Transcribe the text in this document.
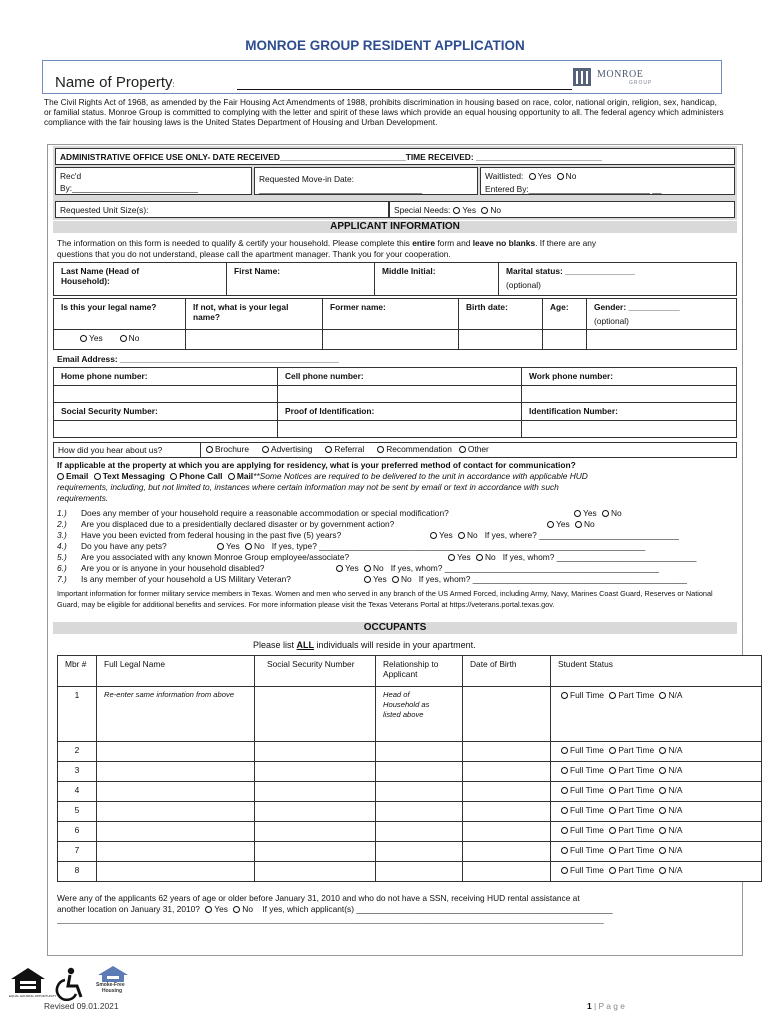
MONROE GROUP RESIDENT APPLICATION
Name of Property:
MONROE
GROUP
The Civil Rights Act of 1968, as amended by the Fair Housing Act Amendments of 1988, prohibits discrimination in housing based on race, color, national origin, religion, sex, handicap, or familial status. Monroe Group is committed to complying with the letter and spirit of these laws which provide an equal housing opportunity to all. The federal agency which administers compliance with the fair housing laws is the United States Department of Housing and Urban Development.
ADMINISTRATIVE OFFICE USE ONLY- DATE RECEIVED___________________________TIME RECEIVED: ___________________________
Rec'd
By:___________________________
Requested Move-in Date:
___________________________________
Waitlisted: Yes No
Entered By:__________________________ __
Requested Unit Size(s):	Special Needs: Yes No
APPLICANT INFORMATION
The information on this form is needed to qualify & certify your household. Please complete this entire form and leave no blanks. If there are any
questions that you do not understand, please call the apartment manager. Thank you for your cooperation.
Last Name (Head of
Household):	First Name:	Middle Initial:	Marital status: _______________
(optional)
Is this your legal name?	If not, what is your legal
name?	Former name:	Birth date:	Age:	Gender: ___________
(optional)
Yes No					
Email Address: _______________________________________________
Home phone number:	Cell phone number:	Work phone number:

Social Security Number:	Proof of Identification:	Identification Number:

How did you hear about us?	Brochure	Advertising	Referral	Recommendation Other
If applicable at the property at which you are applying for residency, what is your preferred method of contact for communication?
Email Text Messaging Phone Call Mail**Some Notices are required to be delivered to the unit in accordance with applicable HUD
requirements, including, but not limited to, instances where certain information may not be sent by email or text in accordance with such
requirements.
1.) Does any member of your household require a reasonable accommodation or special modification?	Yes No
2.) Are you displaced due to a presidentially declared disaster or by government action?	Yes No
3.) Have you been evicted from federal housing in the past five (5) years?	Yes No If yes, where? ______________________________
4.) Do you have any pets?	Yes No If yes, type? ______________________________________________________________________
5.) Are you associated with any known Monroe Group employee/associate?	Yes No If yes, whom? ______________________________
6.) Are you or is anyone in your household disabled?	Yes No If yes, whom? ______________________________________________
7.) Is any member of your household a US Military Veteran?	Yes No If yes, whom? ______________________________________________
Important information for former military service members in Texas. Women and men who served in any branch of the US Armed Forced, including Army, Navy, Marines Coast Guard, Reserves or National Guard, may be eligible for additional benefits and services. For more information please visit the Texas Veterans Portal at https://veterans.portal.texas.gov.
OCCUPANTS
Please list ALL individuals will reside in your apartment.
Mbr #	Full Legal Name	Social Security Number	Relationship to Applicant	Date of Birth	Student Status
1	Re-enter same information from above		Head of Household as listed above		Full Time Part Time N/A
2					Full Time Part Time N/A
3					Full Time Part Time N/A
4					Full Time Part Time N/A
5					Full Time Part Time N/A
6					Full Time Part Time N/A
7					Full Time Part Time N/A
8					Full Time Part Time N/A
Were any of the applicants 62 years of age or older before January 31, 2010 and who do not have a SSN, receiving HUD rental assistance at
another location on January 31, 2010? Yes No If yes, which applicant(s) _______________________________________________________
_____________________________________________________________________________________________________________________________________
EQUAL HOUSING OPPORTUNITY
Smoke-Free
Housing
Revised 09.01.2021	1 | P a g e
